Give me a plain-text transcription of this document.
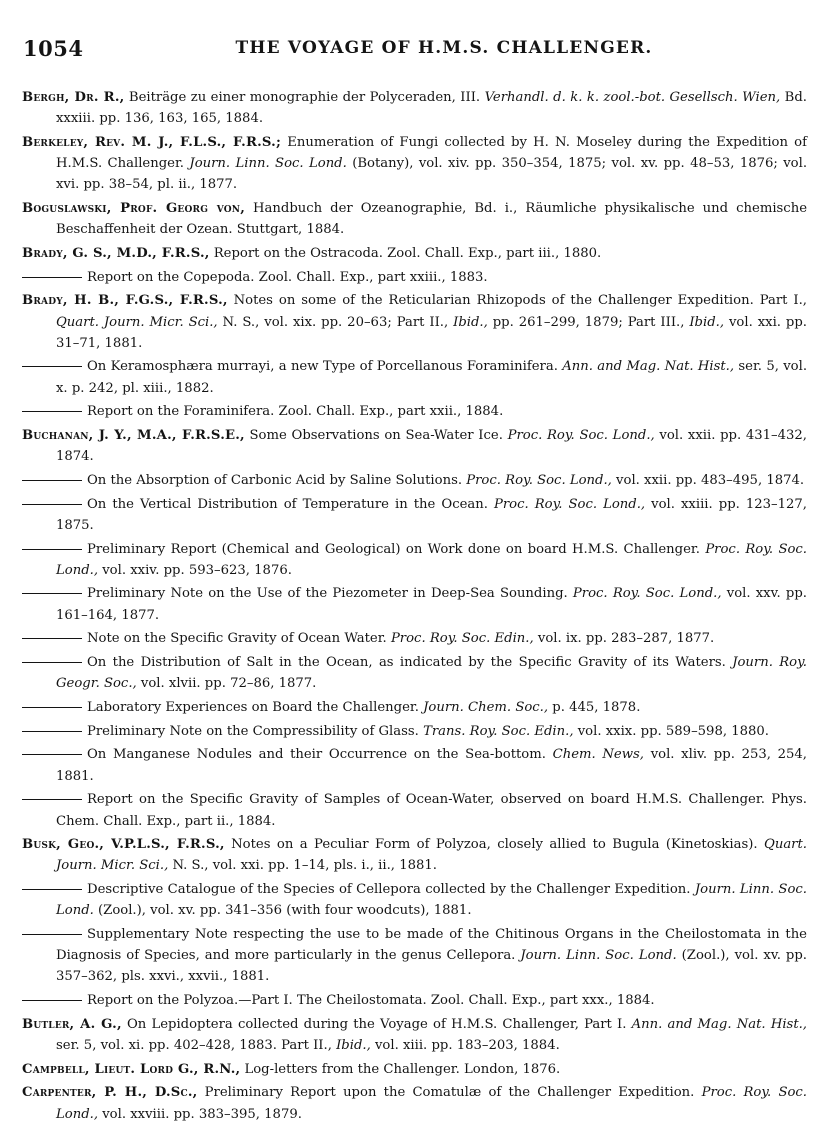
1054	THE VOYAGE OF H.M.S. CHALLENGER.

Bergh, Dr. R., Beiträge zu einer monographie der Polyceraden, III. Verhandl. d. k. k. zool.-bot. Gesellsch. Wien, Bd. xxxiii. pp. 136, 163, 165, 1884.

Berkeley, Rev. M. J., F.L.S., F.R.S.; Enumeration of Fungi collected by H. N. Moseley during the Expedition of H.M.S. Challenger. Journ. Linn. Soc. Lond. (Botany), vol. xiv. pp. 350–354, 1875; vol. xv. pp. 48–53, 1876; vol. xvi. pp. 38–54, pl. ii., 1877.

Boguslawski, Prof. Georg von, Handbuch der Ozeanographie, Bd. i., Räumliche physikalische und chemische Beschaffenheit der Ozean. Stuttgart, 1884.

Brady, G. S., M.D., F.R.S., Report on the Ostracoda. Zool. Chall. Exp., part iii., 1880.

Report on the Copepoda. Zool. Chall. Exp., part xxiii., 1883.

Brady, H. B., F.G.S., F.R.S., Notes on some of the Reticularian Rhizopods of the Challenger Expedition. Part I., Quart. Journ. Micr. Sci., N. S., vol. xix. pp. 20–63; Part II., Ibid., pp. 261–299, 1879; Part III., Ibid., vol. xxi. pp. 31–71, 1881.

On Keramosphæra murrayi, a new Type of Porcellanous Foraminifera. Ann. and Mag. Nat. Hist., ser. 5, vol. x. p. 242, pl. xiii., 1882.

Report on the Foraminifera. Zool. Chall. Exp., part xxii., 1884.

Buchanan, J. Y., M.A., F.R.S.E., Some Observations on Sea-Water Ice. Proc. Roy. Soc. Lond., vol. xxii. pp. 431–432, 1874.

On the Absorption of Carbonic Acid by Saline Solutions. Proc. Roy. Soc. Lond., vol. xxii. pp. 483–495, 1874.

On the Vertical Distribution of Temperature in the Ocean. Proc. Roy. Soc. Lond., vol. xxiii. pp. 123–127, 1875.

Preliminary Report (Chemical and Geological) on Work done on board H.M.S. Challenger. Proc. Roy. Soc. Lond., vol. xxiv. pp. 593–623, 1876.

Preliminary Note on the Use of the Piezometer in Deep-Sea Sounding. Proc. Roy. Soc. Lond., vol. xxv. pp. 161–164, 1877.

Note on the Specific Gravity of Ocean Water. Proc. Roy. Soc. Edin., vol. ix. pp. 283–287, 1877.

On the Distribution of Salt in the Ocean, as indicated by the Specific Gravity of its Waters. Journ. Roy. Geogr. Soc., vol. xlvii. pp. 72–86, 1877.

Laboratory Experiences on Board the Challenger. Journ. Chem. Soc., p. 445, 1878.

Preliminary Note on the Compressibility of Glass. Trans. Roy. Soc. Edin., vol. xxix. pp. 589–598, 1880.

On Manganese Nodules and their Occurrence on the Sea-bottom. Chem. News, vol. xliv. pp. 253, 254, 1881.

Report on the Specific Gravity of Samples of Ocean-Water, observed on board H.M.S. Challenger. Phys. Chem. Chall. Exp., part ii., 1884.

Busk, Geo., V.P.L.S., F.R.S., Notes on a Peculiar Form of Polyzoa, closely allied to Bugula (Kinetoskias). Quart. Journ. Micr. Sci., N. S., vol. xxi. pp. 1–14, pls. i., ii., 1881.

Descriptive Catalogue of the Species of Cellepora collected by the Challenger Expedition. Journ. Linn. Soc. Lond. (Zool.), vol. xv. pp. 341–356 (with four woodcuts), 1881.

Supplementary Note respecting the use to be made of the Chitinous Organs in the Cheilostomata in the Diagnosis of Species, and more particularly in the genus Cellepora. Journ. Linn. Soc. Lond. (Zool.), vol. xv. pp. 357–362, pls. xxvi., xxvii., 1881.

Report on the Polyzoa.—Part I. The Cheilostomata. Zool. Chall. Exp., part xxx., 1884.

Butler, A. G., On Lepidoptera collected during the Voyage of H.M.S. Challenger, Part I. Ann. and Mag. Nat. Hist., ser. 5, vol. xi. pp. 402–428, 1883. Part II., Ibid., vol. xiii. pp. 183–203, 1884.

Campbell, Lieut. Lord G., R.N., Log-letters from the Challenger. London, 1876.

Carpenter, P. H., D.Sc., Preliminary Report upon the Comatulæ of the Challenger Expedition. Proc. Roy. Soc. Lond., vol. xxviii. pp. 383–395, 1879.
